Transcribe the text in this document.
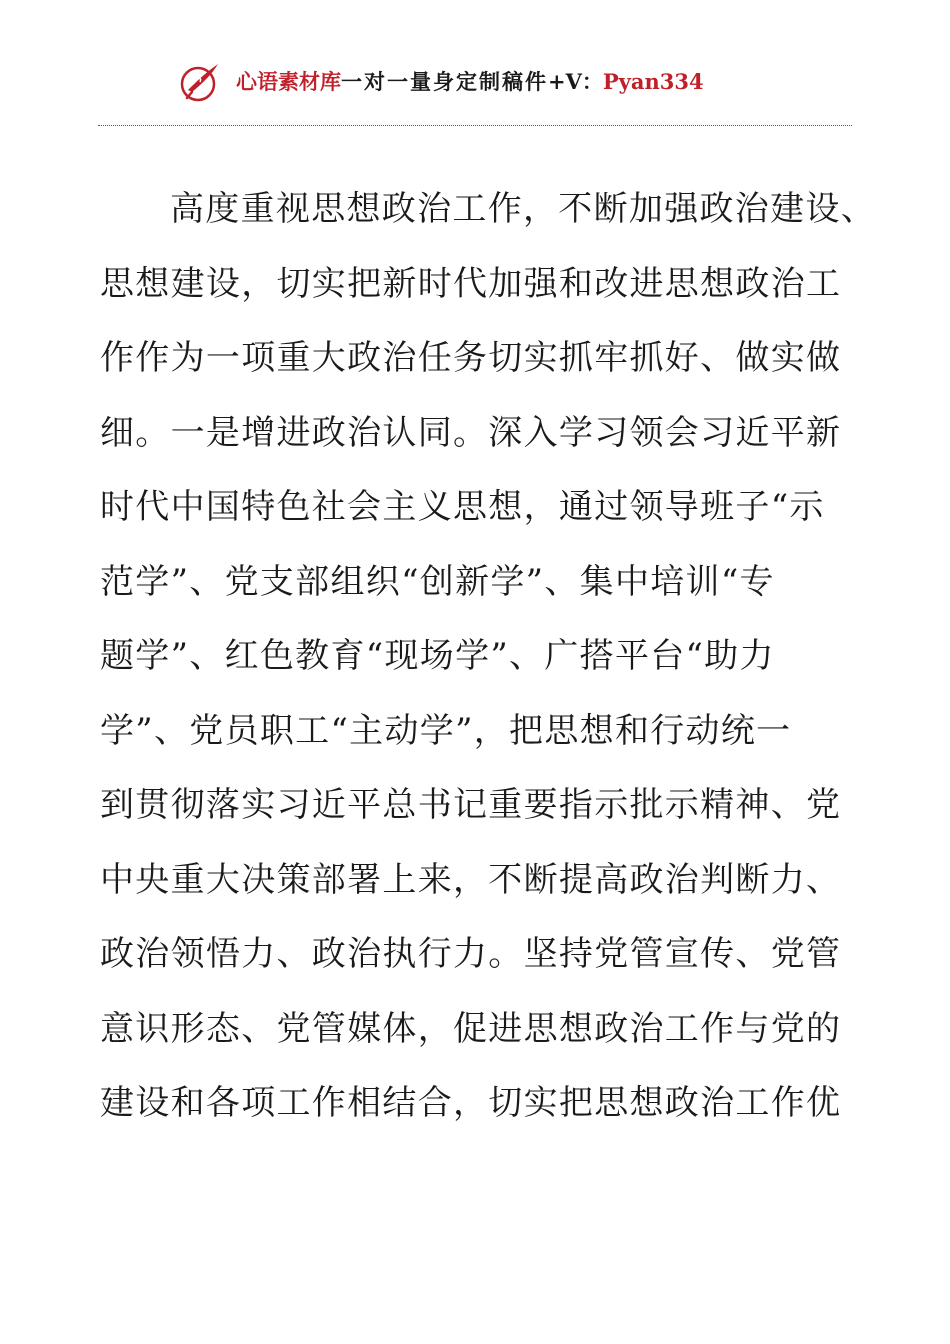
心语素材库一对一量身定制稿件+V：Pyan334
高度重视思想政治工作，不断加强政治建设、
思想建设，切实把新时代加强和改进思想政治工
作作为一项重大政治任务切实抓牢抓好、做实做
细。一是增进政治认同。深入学习领会习近平新
时代中国特色社会主义思想，通过领导班子“示
范学”、党支部组织“创新学”、集中培训“专
题学”、红色教育“现场学”、广搭平台“助力
学”、党员职工“主动学”，把思想和行动统一
到贯彻落实习近平总书记重要指示批示精神、党
中央重大决策部署上来，不断提高政治判断力、
政治领悟力、政治执行力。坚持党管宣传、党管
意识形态、党管媒体，促进思想政治工作与党的
建设和各项工作相结合，切实把思想政治工作优
